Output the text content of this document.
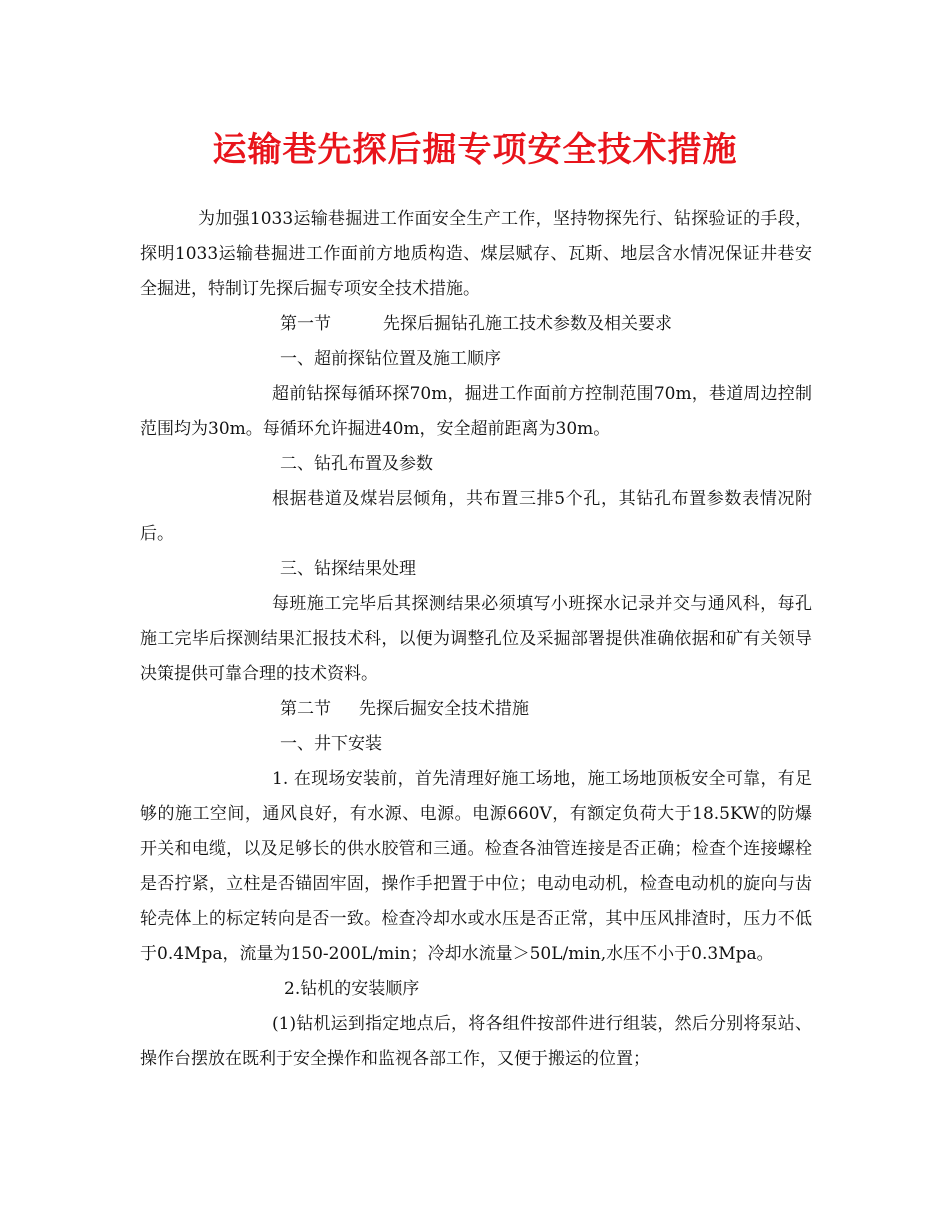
运输巷先探后掘专项安全技术措施

为加强1033运输巷掘进工作面安全生产工作，坚持物探先行、钻探验证的手段，探明1033运输巷掘进工作面前方地质构造、煤层赋存、瓦斯、地层含水情况保证井巷安全掘进，特制订先探后掘专项安全技术措施。

第一节	先探后掘钻孔施工技术参数及相关要求

一、超前探钻位置及施工顺序

超前钻探每循环探70m，掘进工作面前方控制范围70m，巷道周边控制范围均为30m。每循环允许掘进40m，安全超前距离为30m。

二、钻孔布置及参数

根据巷道及煤岩层倾角，共布置三排5个孔，其钻孔布置参数表情况附后。

三、钻探结果处理

每班施工完毕后其探测结果必须填写小班探水记录并交与通风科，每孔施工完毕后探测结果汇报技术科，以便为调整孔位及采掘部署提供准确依据和矿有关领导决策提供可靠合理的技术资料。

第二节 先探后掘安全技术措施

一、井下安装

1. 在现场安装前，首先清理好施工场地，施工场地顶板安全可靠，有足够的施工空间，通风良好，有水源、电源。电源660V，有额定负荷大于18.5KW的防爆开关和电缆，以及足够长的供水胶管和三通。检查各油管连接是否正确；检查个连接螺栓是否拧紧，立柱是否锚固牢固，操作手把置于中位；电动电动机，检查电动机的旋向与齿轮壳体上的标定转向是否一致。检查冷却水或水压是否正常，其中压风排渣时，压力不低于0.4Mpa，流量为150-200L/min；冷却水流量＞50L/min,水压不小于0.3Mpa。

2.钻机的安装顺序

(1)钻机运到指定地点后，将各组件按部件进行组装，然后分别将泵站、操作台摆放在既利于安全操作和监视各部工作，又便于搬运的位置；
